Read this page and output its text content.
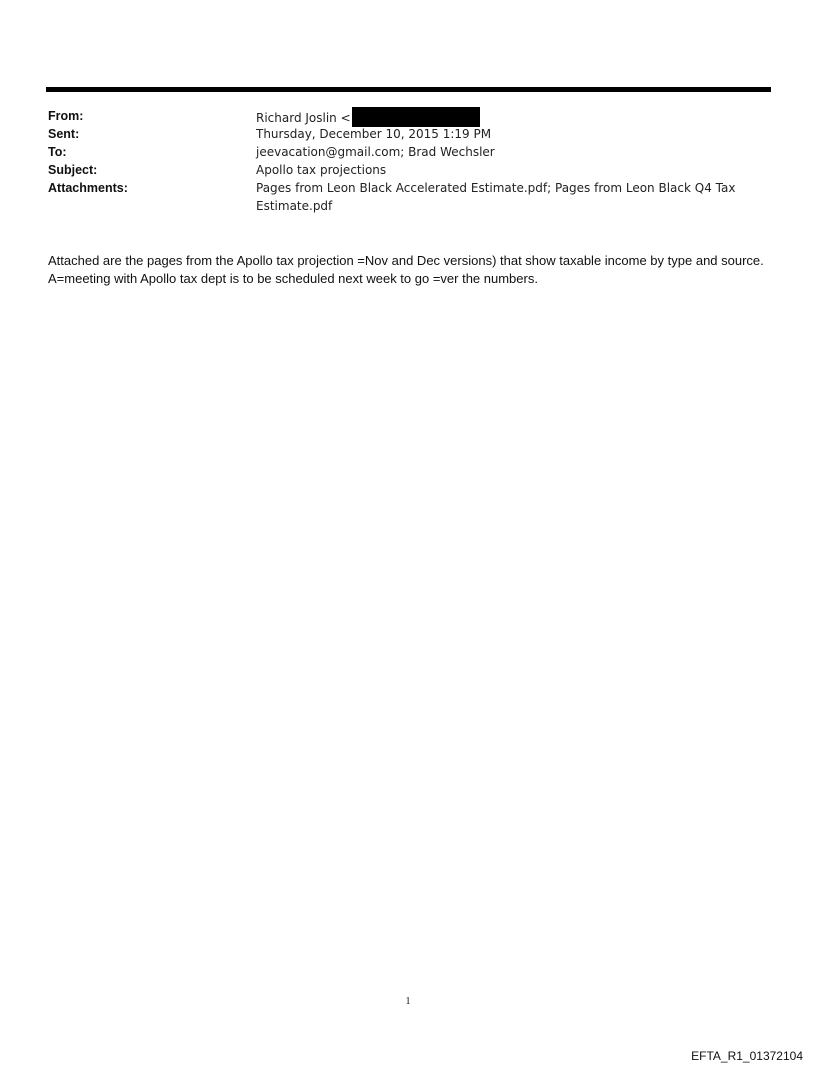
From:	Richard Joslin <
Sent:	Thursday, December 10, 2015 1:19 PM
To:	jeevacation@gmail.com; Brad Wechsler
Subject:	Apollo tax projections
Attachments:	Pages from Leon Black Accelerated Estimate.pdf; Pages from Leon Black Q4 Tax Estimate.pdf
Attached are the pages from the Apollo tax projection =Nov and Dec versions) that show taxable income by type and source. A=meeting with Apollo tax dept is to be scheduled next week to go =ver the numbers.
1
EFTA_R1_01372104
